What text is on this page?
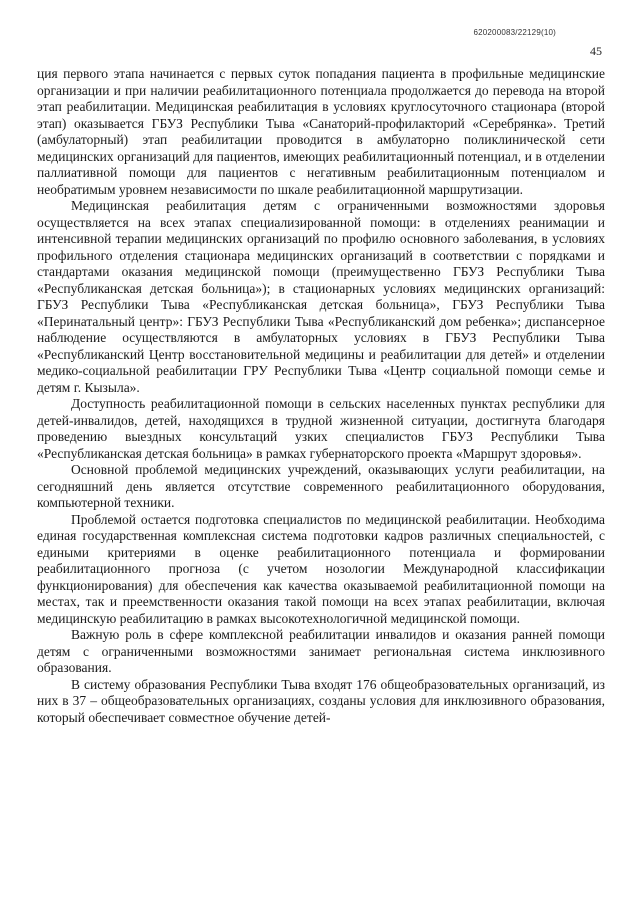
620200083/22129(10)
45

ция первого этапа начинается с первых суток попадания пациента в профильные медицинские организации и при наличии реабилитационного потенциала продолжается до перевода на второй этап реабилитации. Медицинская реабилитация в условиях круглосуточного стационара (второй этап) оказывается ГБУЗ Республики Тыва «Санаторий-профилакторий «Серебрянка». Третий (амбулаторный) этап реабилитации проводится в амбулаторно поликлинической сети медицинских организаций для пациентов, имеющих реабилитационный потенциал, и в отделении паллиативной помощи для пациентов с негативным реабилитационным потенциалом и необратимым уровнем независимости по шкале реабилитационной маршрутизации.

Медицинская реабилитация детям с ограниченными возможностями здоровья осуществляется на всех этапах специализированной помощи: в отделениях реанимации и интенсивной терапии медицинских организаций по профилю основного заболевания, в условиях профильного отделения стационара медицинских организаций в соответствии с порядками и стандартами оказания медицинской помощи (преимущественно ГБУЗ Республики Тыва «Республиканская детская больница»); в стационарных условиях медицинских организаций: ГБУЗ Республики Тыва «Республиканская детская больница», ГБУЗ Республики Тыва «Перинатальный центр»: ГБУЗ Республики Тыва «Республиканский дом ребенка»; диспансерное наблюдение осуществляются в амбулаторных условиях в ГБУЗ Республики Тыва «Республиканский Центр восстановительной медицины и реабилитации для детей» и отделении медико-социальной реабилитации ГРУ Республики Тыва «Центр социальной помощи семье и детям г. Кызыла».

Доступность реабилитационной помощи в сельских населенных пунктах республики для детей-инвалидов, детей, находящихся в трудной жизненной ситуации, достигнута благодаря проведению выездных консультаций узких специалистов ГБУЗ Республики Тыва «Республиканская детская больница» в рамках губернаторского проекта «Маршрут здоровья».

Основной проблемой медицинских учреждений, оказывающих услуги реабилитации, на сегодняшний день является отсутствие современного реабилитационного оборудования, компьютерной техники.

Проблемой остается подготовка специалистов по медицинской реабилитации. Необходима единая государственная комплексная система подготовки кадров различных специальностей, с едиными критериями в оценке реабилитационного потенциала и формировании реабилитационного прогноза (с учетом нозологии Международной классификации функционирования) для обеспечения как качества оказываемой реабилитационной помощи на местах, так и преемственности оказания такой помощи на всех этапах реабилитации, включая медицинскую реабилитацию в рамках высокотехнологичной медицинской помощи.

Важную роль в сфере комплексной реабилитации инвалидов и оказания ранней помощи детям с ограниченными возможностями занимает региональная система инклюзивного образования.

В систему образования Республики Тыва входят 176 общеобразовательных организаций, из них в 37 – общеобразовательных организациях, созданы условия для инклюзивного образования, который обеспечивает совместное обучение детей-
